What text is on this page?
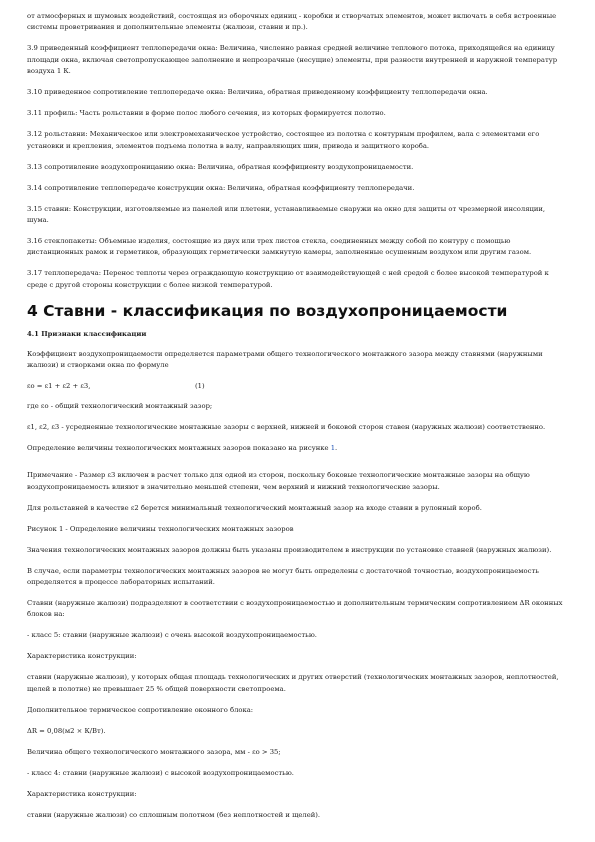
от атмосферных и шумовых воздействий, состоящая из оборочных единиц - коробки и створчатых элементов, может включать в себя встроенные системы проветривания и дополнительные элементы (жалюзи, ставни и пр.).

3.9 приведенный коэффициент теплопередачи окна: Величина, численно равная средней величине теплового потока, приходящейся на единицу площади окна, включая светопропускающее заполнение и непрозрачные (несущие) элементы, при разности внутренней и наружной температур воздуха 1 К.

3.10 приведенное сопротивление теплопередаче окна: Величина, обратная приведенному коэффициенту теплопередачи окна.

3.11 профиль: Часть рольставни в форме полос любого сечения, из которых формируется полотно.

3.12 рольставни: Механическое или электромеханическое устройство, состоящее из полотна с контурным профилем, вала с элементами его установки и крепления, элементов подъема полотна в валу, направляющих шин, привода и защитного короба.

3.13 сопротивление воздухопроницанию окна: Величина, обратная коэффициенту воздухопроницаемости.

3.14 сопротивление теплопередаче конструкции окна: Величина, обратная коэффициенту теплопередачи.

3.15 ставни: Конструкции, изготовляемые из панелей или плетени, устанавливаемые снаружи на окно для защиты от чрезмерной инсоляции, шума.

3.16 стеклопакеты: Объемные изделия, состоящие из двух или трех листов стекла, соединенных между собой по контуру с помощью дистанционных рамок и герметиков, образующих герметически замкнутую камеры, заполненные осушенным воздухом или другим газом.

3.17 теплопередача: Перенос теплоты через ограждающую конструкцию от взаимодействующей с ней средой с более высокой температурой к среде с другой стороны конструкции с более низкой температурой.

4 Ставни - классификация по воздухопроницаемости
4.1 Признаки классификации

Коэффициент воздухопроницаемости определяется параметрами общего технологического монтажного зазора между ставнями (наружными жалюзи) и створками окна по формуле

εо = ε1 + ε2 + ε3,	(1)

где εо - общий технологический монтажный зазор;

ε1, ε2, ε3 - усредненные технологические монтажные зазоры с верхней, нижней и боковой сторон ставен (наружных жалюзи) соответственно.

Определение величины технологических монтажных зазоров показано на рисунке 1.

Примечание - Размер ε3 включен в расчет только для одной из сторон, поскольку боковые технологические монтажные зазоры на общую воздухопроницаемость влияют в значительно меньшей степени, чем верхний и нижний технологические зазоры.

Для рольставней в качестве ε2 берется минимальный технологический монтажный зазор на входе ставни в рулонный короб.

Рисунок 1 - Определение величины технологических монтажных зазоров

Значения технологических монтажных зазоров должны быть указаны производителем в инструкции по установке ставней (наружных жалюзи).

В случае, если параметры технологических монтажных зазоров не могут быть определены с достаточной точностью, воздухопроницаемость определяется в процессе лабораторных испытаний.

Ставни (наружные жалюзи) подразделяют в соответствии с воздухопроницаемостью и дополнительным термическим сопротивлением ΔR оконных блоков на:

- класс 5: ставни (наружные жалюзи) с очень высокой воздухопроницаемостью.

Характеристика конструкции:

ставни (наружные жалюзи), у которых общая площадь технологических и других отверстий (технологических монтажных зазоров, неплотностей, щелей в полотне) не превышает 25 % общей поверхности светопроема.

Дополнительное термическое сопротивление оконного блока:

ΔR = 0,08(м2 × К/Вт).

Величина общего технологического монтажного зазора, мм - εо > 35;

- класс 4: ставни (наружные жалюзи) с высокой воздухопроницаемостью.

Характеристика конструкции:

ставни (наружные жалюзи) со сплошным полотном (без неплотностей и щелей).
